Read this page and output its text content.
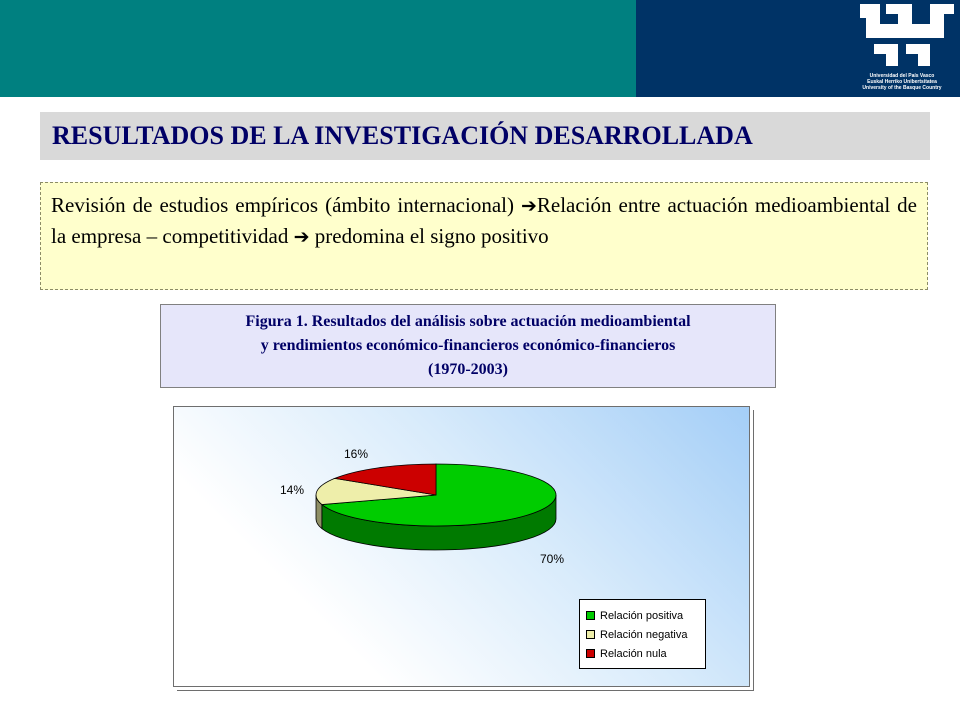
Universidad del País Vasco
Euskal Herriko Unibertsitatea
University of the Basque Country
RESULTADOS DE LA INVESTIGACIÓN DESARROLLADA
Revisión de estudios empíricos (ámbito internacional) ➔Relación entre actuación medioambiental de la empresa – competitividad ➔ predomina el signo positivo
Figura 1. Resultados del análisis sobre actuación medioambiental
y rendimientos económico-financieros económico-financieros
(1970-2003)
Relación positiva
Relación negativa
Relación nula
70%
14%
16%
